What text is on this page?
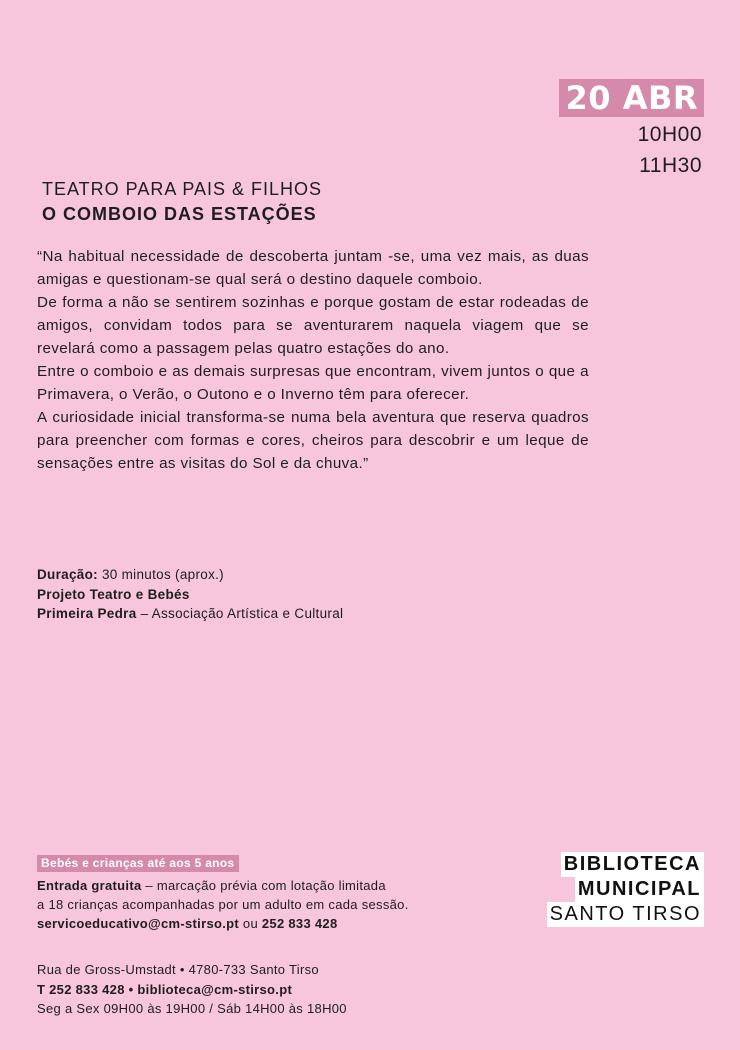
20 ABR
10H00
11H30
TEATRO PARA PAIS & FILHOS
O COMBOIO DAS ESTAÇÕES

“Na habitual necessidade de descoberta juntam -se, uma vez mais, as duas amigas e questionam-se qual será o destino daquele comboio.

De forma a não se sentirem sozinhas e porque gostam de estar rodeadas de amigos, convidam todos para se aventurarem naquela viagem que se revelará como a passagem pelas quatro estações do ano.

Entre o comboio e as demais surpresas que encontram, vivem juntos o que a Primavera, o Verão, o Outono e o Inverno têm para oferecer.

A curiosidade inicial transforma-se numa bela aventura que reserva quadros para preencher com formas e cores, cheiros para descobrir e um leque de sensações entre as visitas do Sol e da chuva.”

Duração: 30 minutos (aprox.)
Projeto Teatro e Bebés
Primeira Pedra – Associação Artística e Cultural
Bebés e crianças até aos 5 anos
Entrada gratuita – marcação prévia com lotação limitada
a 18 crianças acompanhadas por um adulto em cada sessão.
servicoeducativo@cm-stirso.pt ou 252 833 428
Rua de Gross-Umstadt • 4780-733 Santo Tirso
T 252 833 428 • biblioteca@cm-stirso.pt
Seg a Sex 09H00 às 19H00 / Sáb 14H00 às 18H00
BIBLIOTECA
MUNICIPAL
SANTO TIRSO
